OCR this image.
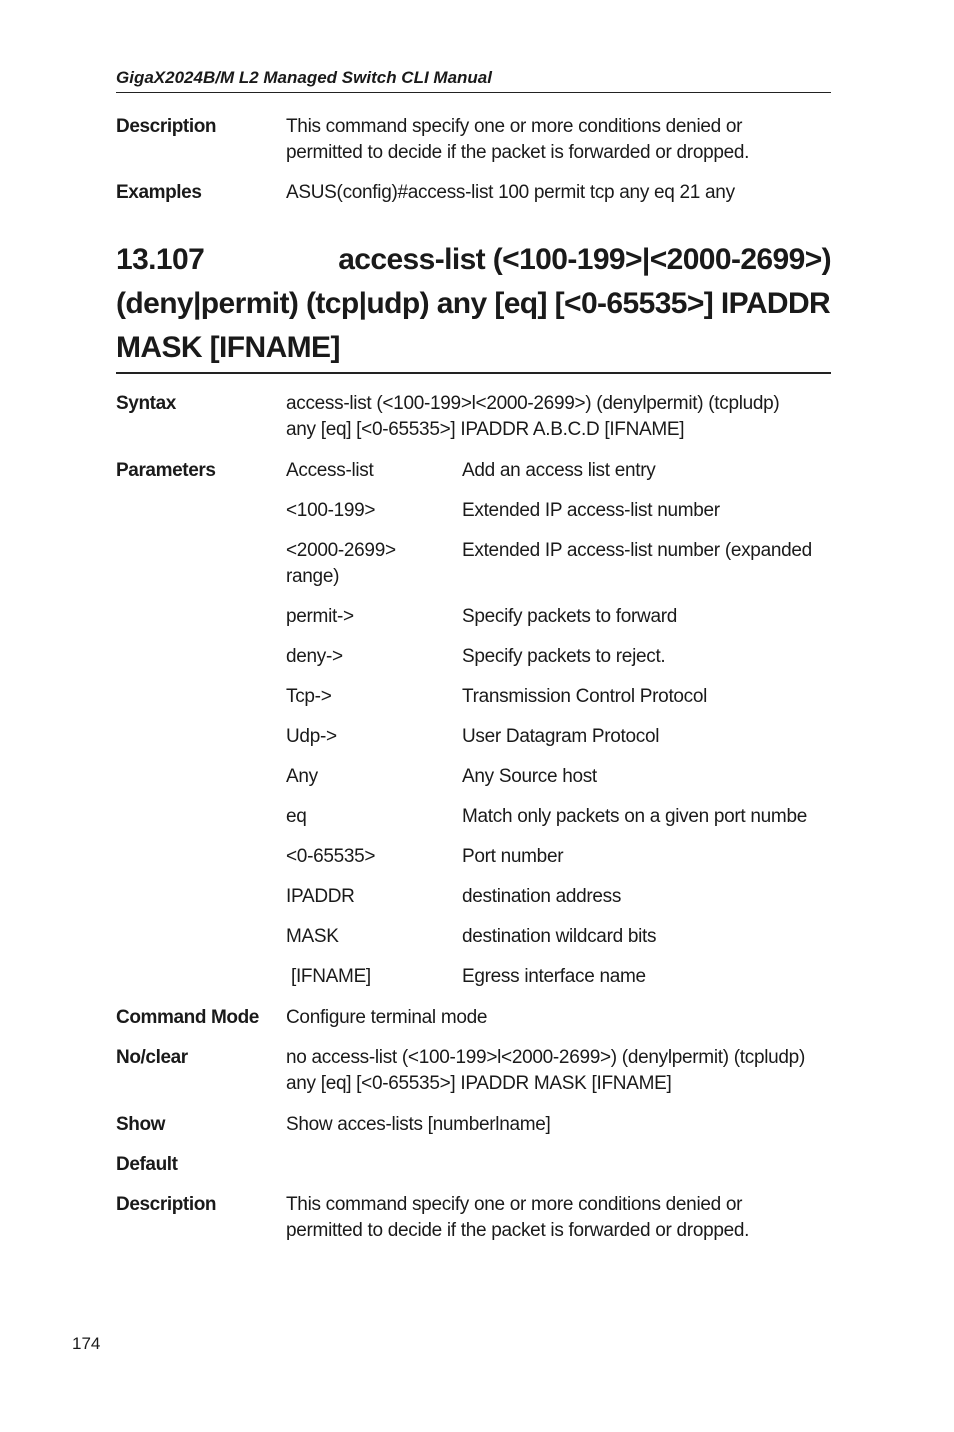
GigaX2024B/M L2 Managed Switch CLI Manual
Description	This command specify one or more conditions denied or
permitted to decide if the packet is forwarded or dropped.
Examples	ASUS(config)#access-list 100 permit tcp any eq 21 any
13.107	access-list (<100-199>|<2000-2699>)
(deny|permit) (tcp|udp) any [eq] [<0-65535>] IPADDR
MASK [IFNAME]
Syntax	access-list (<100-199>l<2000-2699>) (denylpermit) (tcpludp)
any [eq] [<0-65535>] IPADDR A.B.C.D [IFNAME]
Parameters	Access-list	Add an access list entry
<100-199>	Extended IP access-list number
<2000-2699>	Extended IP access-list number (expanded
range)
permit->	Specify packets to forward
deny->	Specify packets to reject.
Tcp->	Transmission Control Protocol
Udp->	User Datagram Protocol
Any	Any Source host
eq	Match only packets on a given port numbe
<0-65535>	Port number
IPADDR	destination address
MASK	destination wildcard bits
[IFNAME]	Egress interface name
Command Mode	Configure terminal mode
No/clear	no access-list (<100-199>l<2000-2699>) (denylpermit) (tcpludp)
any [eq] [<0-65535>] IPADDR MASK [IFNAME]
Show	Show acces-lists [numberlname]
Default
Description	This command specify one or more conditions denied or
permitted to decide if the packet is forwarded or dropped.
174
